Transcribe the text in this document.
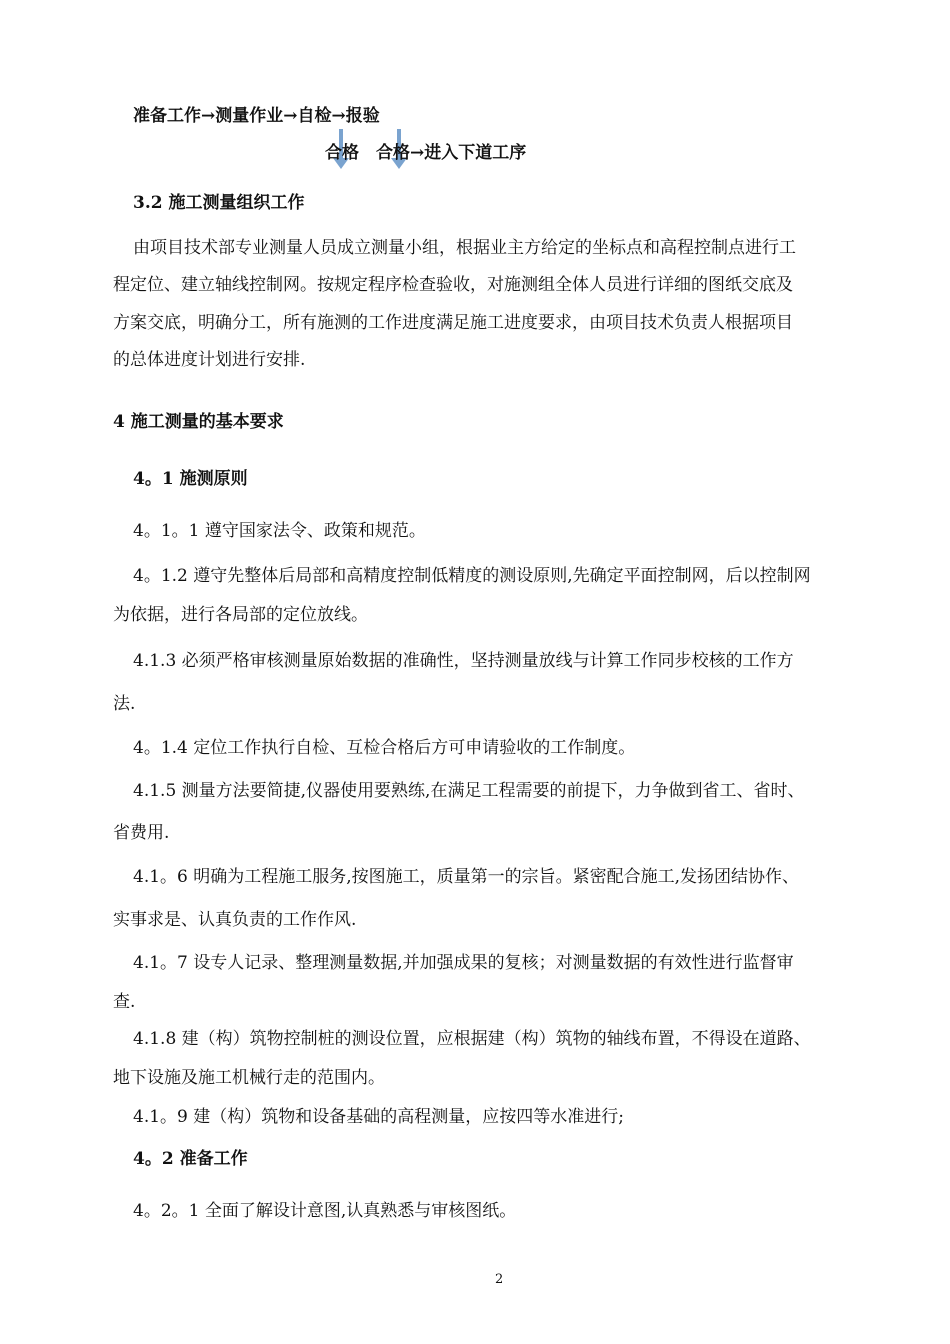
准备工作→测量作业→自检→报验
合格　合格→进入下道工序
3.2 施工测量组织工作
由项目技术部专业测量人员成立测量小组，根据业主方给定的坐标点和高程控制点进行工
程定位、建立轴线控制网。按规定程序检查验收，对施测组全体人员进行详细的图纸交底及
方案交底，明确分工，所有施测的工作进度满足施工进度要求，由项目技术负责人根据项目
的总体进度计划进行安排.
4 施工测量的基本要求
4。1 施测原则
4。1。1 遵守国家法令、政策和规范。
4。1.2 遵守先整体后局部和高精度控制低精度的测设原则,先确定平面控制网，后以控制网
为依据，进行各局部的定位放线。
4.1.3 必须严格审核测量原始数据的准确性，坚持测量放线与计算工作同步校核的工作方
法.
4。1.4 定位工作执行自检、互检合格后方可申请验收的工作制度。
4.1.5 测量方法要简捷,仪器使用要熟练,在满足工程需要的前提下，力争做到省工、省时、
省费用.
4.1。6 明确为工程施工服务,按图施工，质量第一的宗旨。紧密配合施工,发扬团结协作、
实事求是、认真负责的工作作风.
4.1。7 设专人记录、整理测量数据,并加强成果的复核；对测量数据的有效性进行监督审
查.
4.1.8 建（构）筑物控制桩的测设位置，应根据建（构）筑物的轴线布置，不得设在道路、
地下设施及施工机械行走的范围内。
4.1。9 建（构）筑物和设备基础的高程测量，应按四等水准进行;
4。2 准备工作
4。2。1 全面了解设计意图,认真熟悉与审核图纸。
2
